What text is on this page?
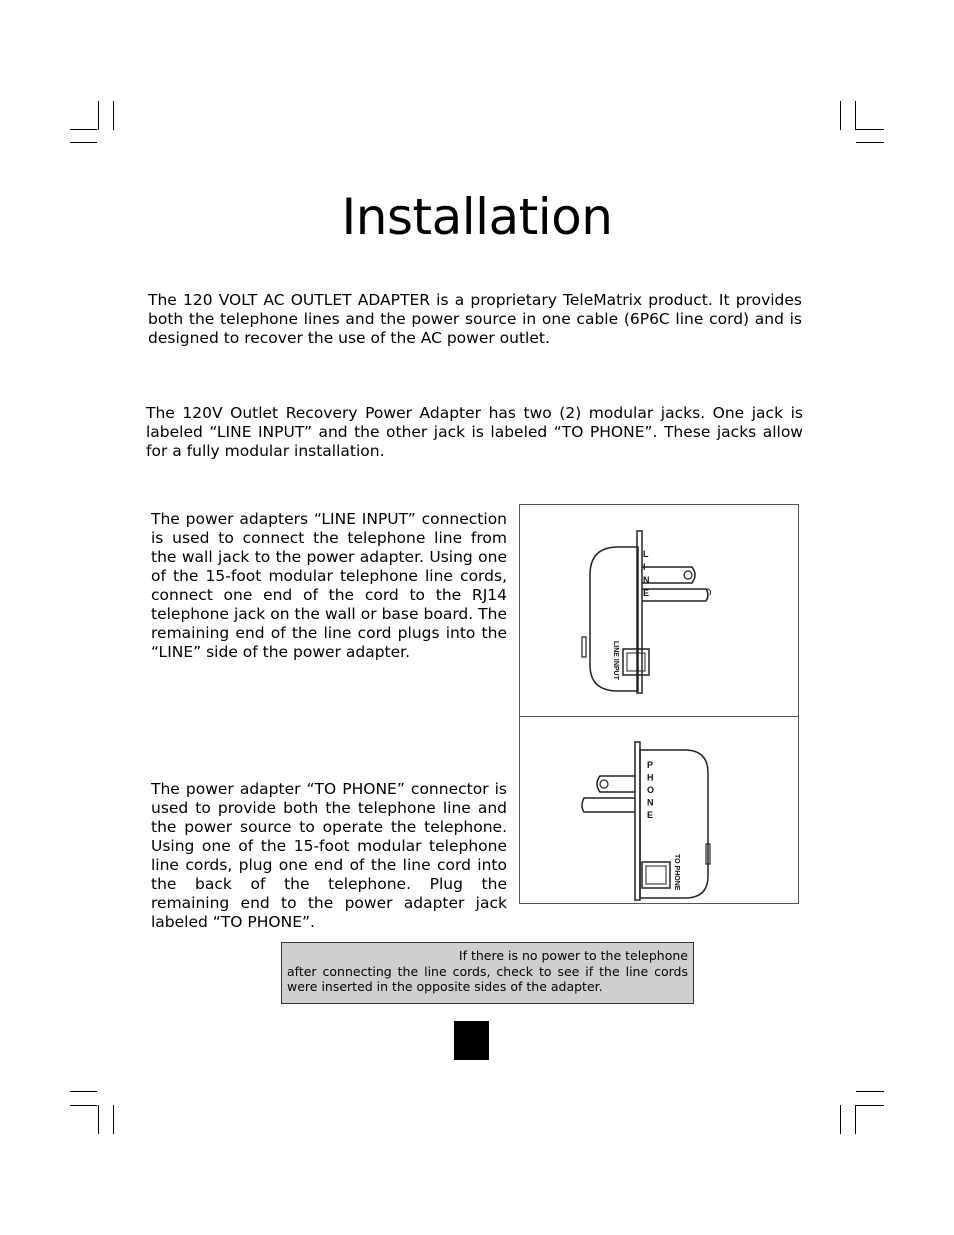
Installation

The 120 VOLT AC OUTLET ADAPTER is a proprietary TeleMatrix product. It provides both the telephone lines and the power source in one cable (6P6C line cord) and is designed to recover the use of the AC power outlet.

The 120V Outlet Recovery Power Adapter has two (2) modular jacks. One jack is labeled “LINE INPUT” and the other jack is labeled “TO PHONE”. These jacks allow for a fully modular installation.

The power adapters “LINE INPUT” connection is used to connect the telephone line from the wall jack to the power adapter. Using one of the 15-foot modular telephone line cords, connect one end of the cord to the RJ14 telephone jack on the wall or base board. The remaining end of the line cord plugs into the “LINE” side of the power adapter.

The power adapter “TO PHONE” connector is used to provide both the telephone line and the power source to operate the telephone. Using one of the 15-foot modular telephone line cords, plug one end of the line cord into the back of the telephone. Plug the remaining end to the power adapter jack labeled “TO PHONE”.

L I N E
LINE INPUT
P H O N E
TO PHONE
If there is no power to the telephone
after connecting the line cords, check to see if the line cords were inserted in the opposite sides of the adapter.
